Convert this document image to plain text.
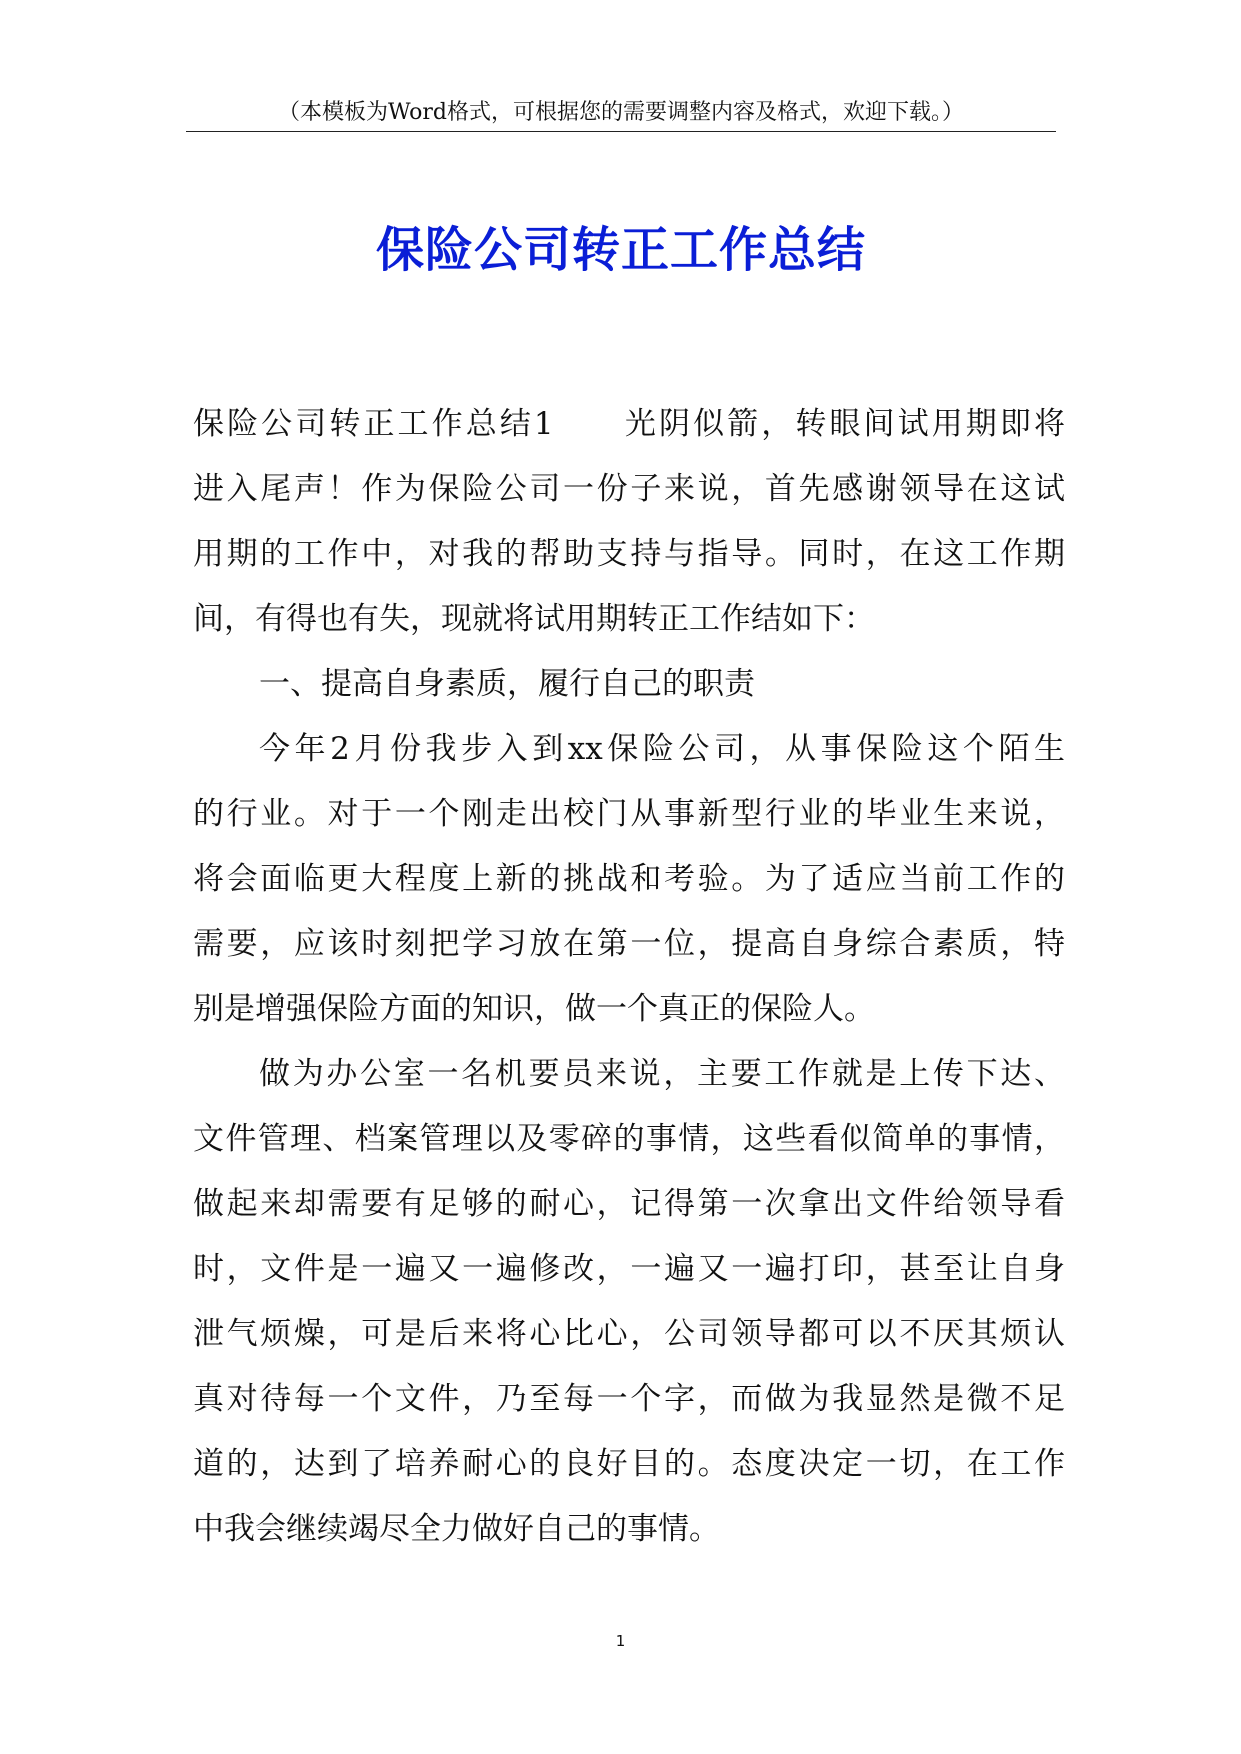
（本模板为Word格式，可根据您的需要调整内容及格式，欢迎下载。）
保险公司转正工作总结
保险公司转正工作总结1　　光阴似箭，转眼间试用期即将
进入尾声！作为保险公司一份子来说，首先感谢领导在这试
用期的工作中，对我的帮助支持与指导。同时，在这工作期
间，有得也有失，现就将试用期转正工作结如下：
一、提高自身素质，履行自己的职责
今年2月份我步入到xx保险公司，从事保险这个陌生
的行业。对于一个刚走出校门从事新型行业的毕业生来说，
将会面临更大程度上新的挑战和考验。为了适应当前工作的
需要，应该时刻把学习放在第一位，提高自身综合素质，特
别是增强保险方面的知识，做一个真正的保险人。
做为办公室一名机要员来说，主要工作就是上传下达、
文件管理、档案管理以及零碎的事情，这些看似简单的事情，
做起来却需要有足够的耐心，记得第一次拿出文件给领导看
时，文件是一遍又一遍修改，一遍又一遍打印，甚至让自身
泄气烦燥，可是后来将心比心，公司领导都可以不厌其烦认
真对待每一个文件，乃至每一个字，而做为我显然是微不足
道的，达到了培养耐心的良好目的。态度决定一切，在工作
中我会继续竭尽全力做好自己的事情。
1
